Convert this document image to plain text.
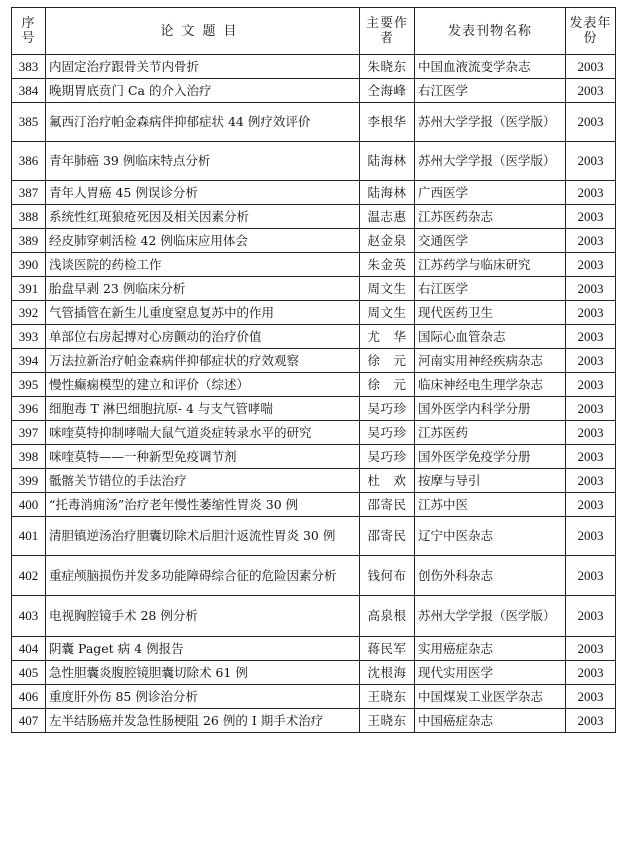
序号	论文题目	主要作者	发表刊物名称	发表年份
383	内固定治疗跟骨关节内骨折	朱晓东	中国血液流变学杂志	2003
384	晚期胃底贲门 Ca 的介入治疗	仝海峰	右江医学	2003
385	氟西汀治疗帕金森病伴抑郁症状 44 例疗效评价	李根华	苏州大学学报（医学版）	2003
386	青年肺癌 39 例临床特点分析	陆海林	苏州大学学报（医学版）	2003
387	青年人胃癌 45 例误诊分析	陆海林	广西医学	2003
388	系统性红斑狼疮死因及相关因素分析	温志惠	江苏医药杂志	2003
389	经皮肺穿刺活检 42 例临床应用体会	赵金泉	交通医学	2003
390	浅谈医院的药检工作	朱金英	江苏药学与临床研究	2003
391	胎盘早剥 23 例临床分析	周文生	右江医学	2003
392	气管插管在新生儿重度窒息复苏中的作用	周文生	现代医药卫生	2003
393	单部位右房起搏对心房颤动的治疗价值	尤　华	国际心血管杂志	2003
394	万法拉新治疗帕金森病伴抑郁症状的疗效观察	徐　元	河南实用神经疾病杂志	2003
395	慢性癫痫模型的建立和评价（综述）	徐　元	临床神经电生理学杂志	2003
396	细胞毒 T 淋巴细胞抗原- 4 与支气管哮喘	吴巧珍	国外医学内科学分册	2003
397	咪喹莫特抑制哮喘大鼠气道炎症转录水平的研究	吴巧珍	江苏医药	2003
398	咪喹莫特——一种新型免疫调节剂	吴巧珍	国外医学免疫学分册	2003
399	骶髂关节错位的手法治疗	杜　欢	按摩与导引	2003
400	“托毒消痈汤”治疗老年慢性萎缩性胃炎 30 例	邵寄民	江苏中医	2003
401	清胆镇逆汤治疗胆囊切除术后胆汁返流性胃炎 30 例	邵寄民	辽宁中医杂志	2003
402	重症颅脑损伤并发多功能障碍综合征的危险因素分析	钱何布	创伤外科杂志	2003
403	电视胸腔镜手术 28 例分析	高泉根	苏州大学学报（医学版）	2003
404	阴囊 Paget 病 4 例报告	蒋民军	实用癌症杂志	2003
405	急性胆囊炎腹腔镜胆囊切除术 61 例	沈根海	现代实用医学	2003
406	重度肝外伤 85 例诊治分析	王晓东	中国煤炭工业医学杂志	2003
407	左半结肠癌并发急性肠梗阻 26 例的 I 期手术治疗	王晓东	中国癌症杂志	2003
